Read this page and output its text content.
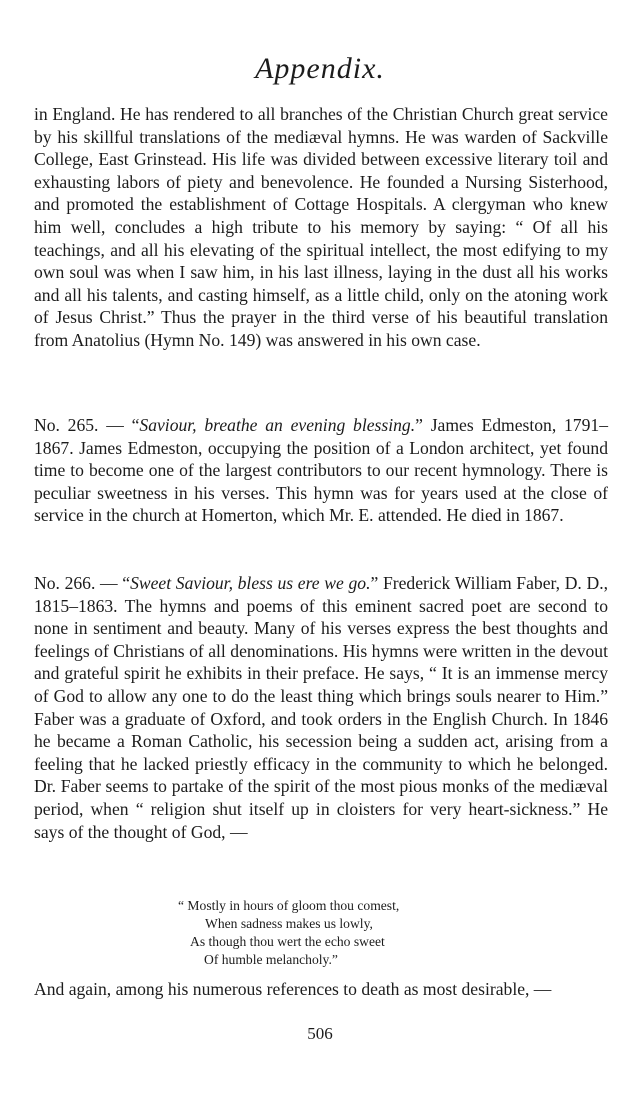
Appendix.
in England. He has rendered to all branches of the Christian Church great service by his skillful translations of the mediæval hymns. He was warden of Sackville College, East Grinstead. His life was divided between excessive literary toil and exhausting labors of piety and benevolence. He founded a Nursing Sisterhood, and promoted the establishment of Cottage Hospitals. A clergyman who knew him well, concludes a high tribute to his memory by saying: “ Of all his teachings, and all his elevating of the spiritual intellect, the most edifying to my own soul was when I saw him, in his last illness, laying in the dust all his works and all his talents, and casting himself, as a little child, only on the atoning work of Jesus Christ.” Thus the prayer in the third verse of his beautiful translation from Anatolius (Hymn No. 149) was answered in his own case.
No. 265. — “Saviour, breathe an evening blessing.” James Edmeston, 1791–1867. James Edmeston, occupying the position of a London architect, yet found time to become one of the largest contributors to our recent hymnology. There is peculiar sweetness in his verses. This hymn was for years used at the close of service in the church at Homerton, which Mr. E. attended. He died in 1867.
No. 266. — “Sweet Saviour, bless us ere we go.” Frederick William Faber, D. D., 1815–1863. The hymns and poems of this eminent sacred poet are second to none in sentiment and beauty. Many of his verses express the best thoughts and feelings of Christians of all denominations. His hymns were written in the devout and grateful spirit he exhibits in their preface. He says, “ It is an immense mercy of God to allow any one to do the least thing which brings souls nearer to Him.” Faber was a graduate of Oxford, and took orders in the English Church. In 1846 he became a Roman Catholic, his secession being a sudden act, arising from a feeling that he lacked priestly efficacy in the community to which he belonged. Dr. Faber seems to partake of the spirit of the most pious monks of the mediæval period, when “ religion shut itself up in cloisters for very heart-sickness.” He says of the thought of God, —
“ Mostly in hours of gloom thou comest,
When sadness makes us lowly,
As though thou wert the echo sweet
Of humble melancholy.”
And again, among his numerous references to death as most desirable, —
506
